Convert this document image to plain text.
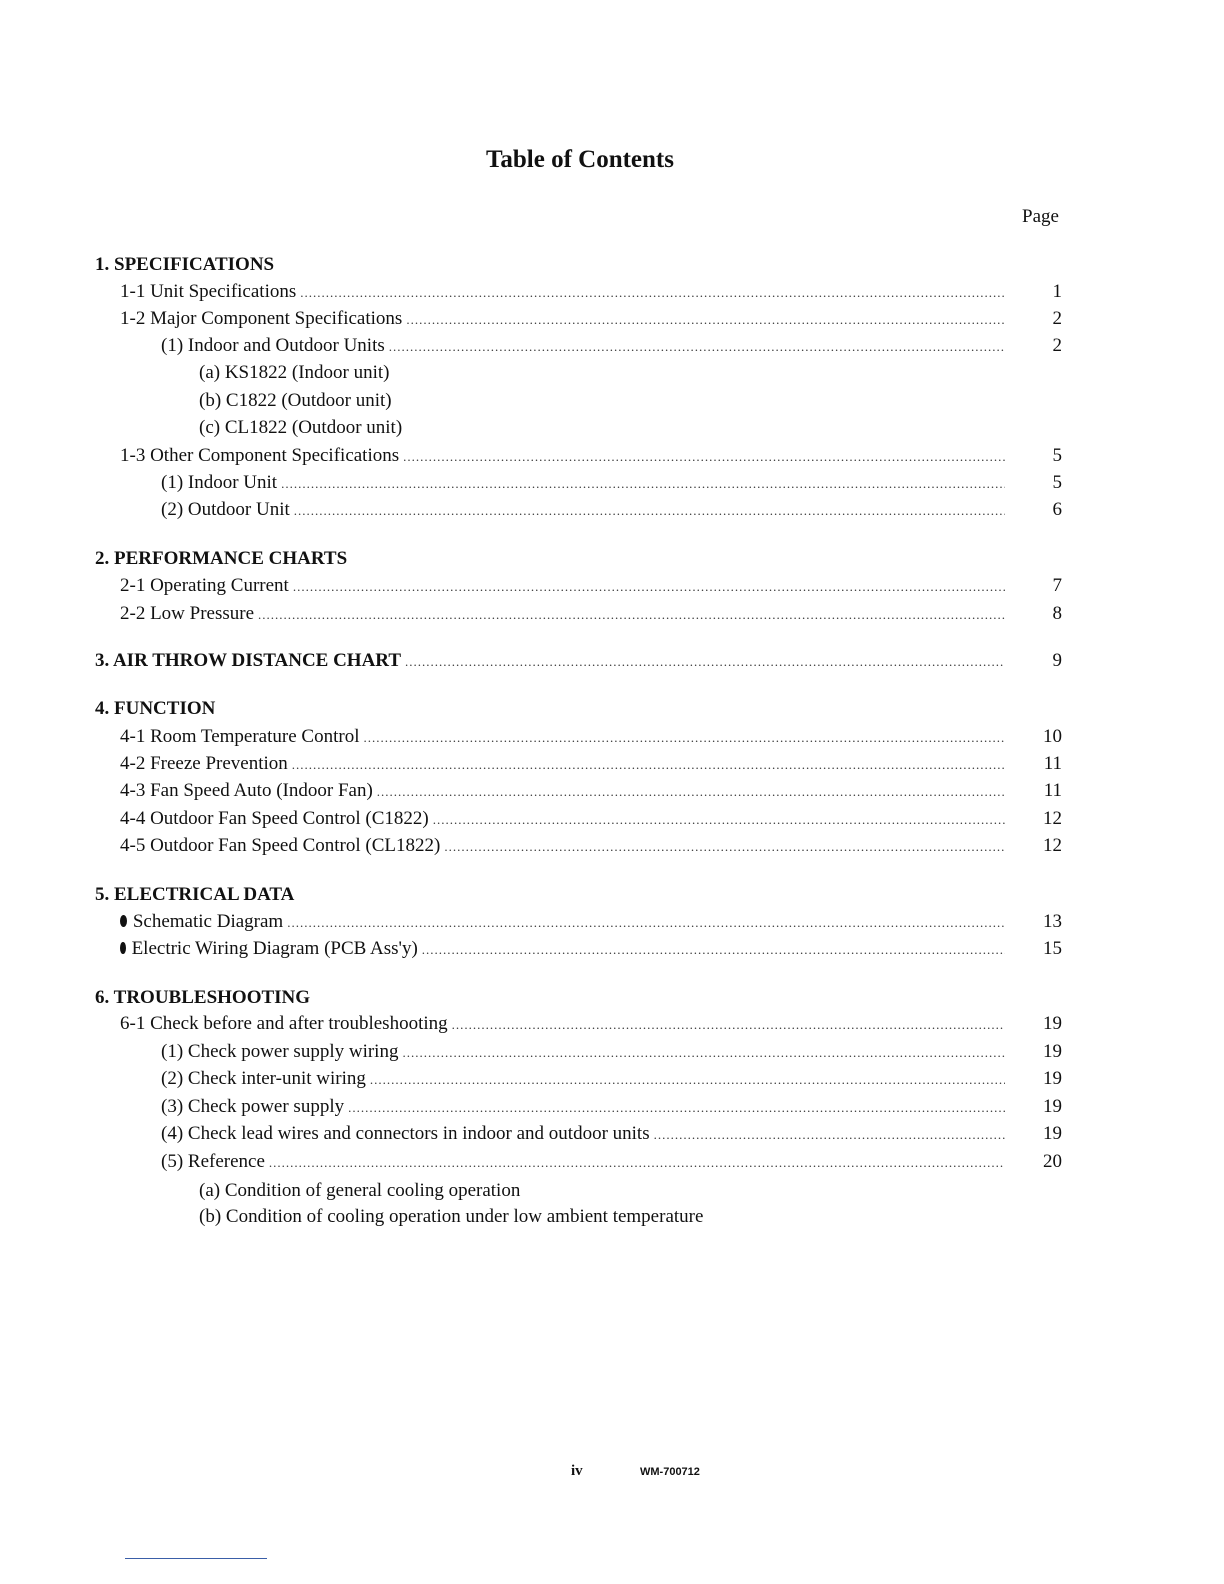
Table of Contents
Page
1. SPECIFICATIONS
1-1 Unit Specifications .....	1
1-2 Major Component Specifications .....	2
(1) Indoor and Outdoor Units .....	2
(a) KS1822 (Indoor unit)
(b) C1822 (Outdoor unit)
(c) CL1822 (Outdoor unit)
1-3 Other Component Specifications .....	5
(1) Indoor Unit .....	5
(2) Outdoor Unit .....	6
2. PERFORMANCE CHARTS
2-1 Operating Current .....	7
2-2 Low Pressure .....	8
3. AIR THROW DISTANCE CHART .....	9
4. FUNCTION
4-1 Room Temperature Control .....	10
4-2 Freeze Prevention .....	11
4-3 Fan Speed Auto (Indoor Fan) .....	11
4-4 Outdoor Fan Speed Control (C1822) .....	12
4-5 Outdoor Fan Speed Control (CL1822) .....	12
5. ELECTRICAL DATA
Schematic Diagram .....	13
Electric Wiring Diagram (PCB Ass'y) .....	15
6. TROUBLESHOOTING
6-1 Check before and after troubleshooting .....	19
(1) Check power supply wiring .....	19
(2) Check inter-unit wiring .....	19
(3) Check power supply .....	19
(4) Check lead wires and connectors in indoor and outdoor units .....	19
(5) Reference .....	20
(a) Condition of general cooling operation
(b) Condition of cooling operation under low ambient temperature
iv	WM-700712
